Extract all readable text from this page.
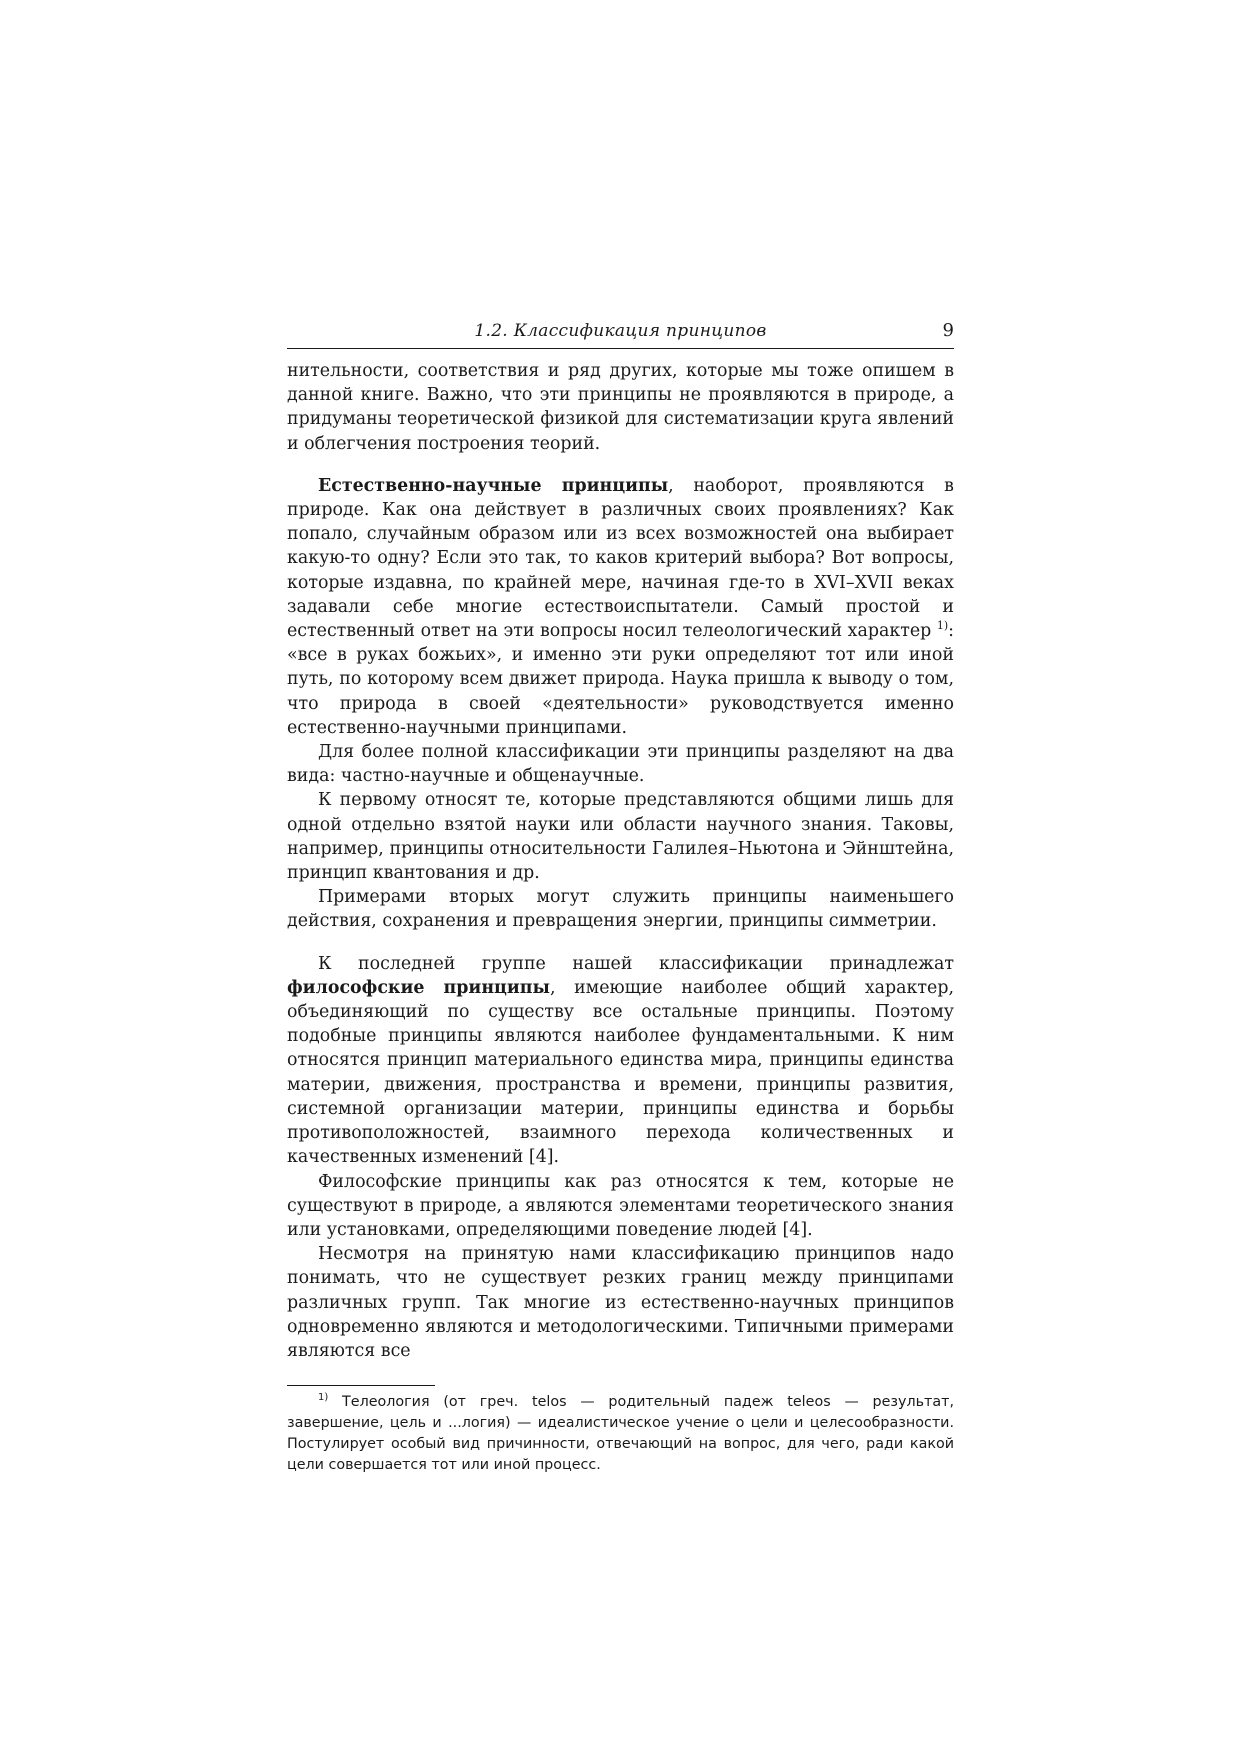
1.2. Классификация принципов	9

нительности, соответствия и ряд других, которые мы тоже опишем в данной книге. Важно, что эти принципы не проявляются в природе, а придуманы теоретической физикой для систематизации круга явлений и облегчения построения теорий.

Естественно-научные принципы, наоборот, проявляются в природе. Как она действует в различных своих проявлениях? Как попало, случайным образом или из всех возможностей она выбирает какую-то одну? Если это так, то каков критерий выбора? Вот вопросы, которые издавна, по крайней мере, начиная где-то в XVI–XVII веках задавали себе многие естествоиспытатели. Самый простой и естественный ответ на эти вопросы носил телеологический характер $^{1)}$: «все в руках божьих», и именно эти руки определяют тот или иной путь, по которому всем движет природа. Наука пришла к выводу о том, что природа в своей «деятельности» руководствуется именно естественно-научными принципами.

Для более полной классификации эти принципы разделяют на два вида: частно-научные и общенаучные.

К первому относят те, которые представляются общими лишь для одной отдельно взятой науки или области научного знания. Таковы, например, принципы относительности Галилея–Ньютона и Эйнштейна, принцип квантования и др.

Примерами вторых могут служить принципы наименьшего действия, сохранения и превращения энергии, принципы симметрии.

К последней группе нашей классификации принадлежат философские принципы, имеющие наиболее общий характер, объединяющий по существу все остальные принципы. Поэтому подобные принципы являются наиболее фундаментальными. К ним относятся принцип материального единства мира, принципы единства материи, движения, пространства и времени, принципы развития, системной организации материи, принципы единства и борьбы противоположностей, взаимного перехода количественных и качественных изменений [4].

Философские принципы как раз относятся к тем, которые не существуют в природе, а являются элементами теоретического знания или установками, определяющими поведение людей [4].

Несмотря на принятую нами классификацию принципов надо понимать, что не существует резких границ между принципами различных групп. Так многие из естественно-научных принципов одновременно являются и методологическими. Типичными примерами являются все

$^{1)}$ Телеология (от греч. telos — родительный падеж teleos — результат, завершение, цель и ...логия) — идеалистическое учение о цели и целесообразности. Постулирует особый вид причинности, отвечающий на вопрос, для чего, ради какой цели совершается тот или иной процесс.
